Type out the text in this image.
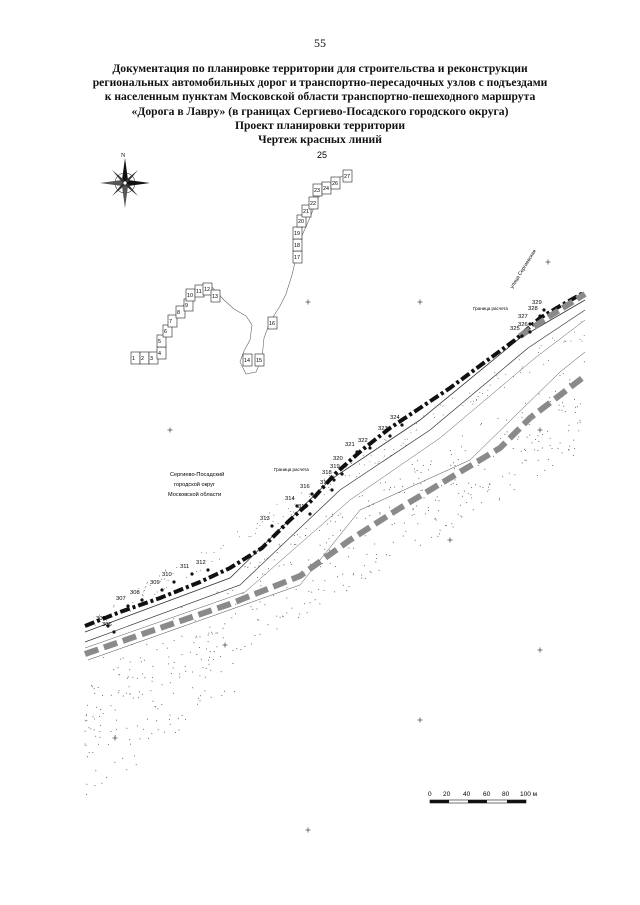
55
Документация по планировке территории для строительства и реконструкции
региональных автомобильных дорог и транспортно-пересадочных узлов с подъездами
к населенным пунктам Московской области транспортно-пешеходного маршрута
«Дорога в Лавру» (в границах Сергиево-Посадского городского округа)
Проект планировки территории
Чертеж красных линий
N
1 2 3
4
5
6
7
8
9
10
11 12
13
14 15
16
17
18
19
20
21
22
23 24
25
26
27
305
306
307
308
309
310
311
312
313
314
315
316
317
318
319
320
321
322
323
324
325
326
327
328
329
Сергиево-Посадский
городской округ
Московской области
Граница расчета
Граница расчета
улица Сергиевская
0 20 40 60 80 100 м
